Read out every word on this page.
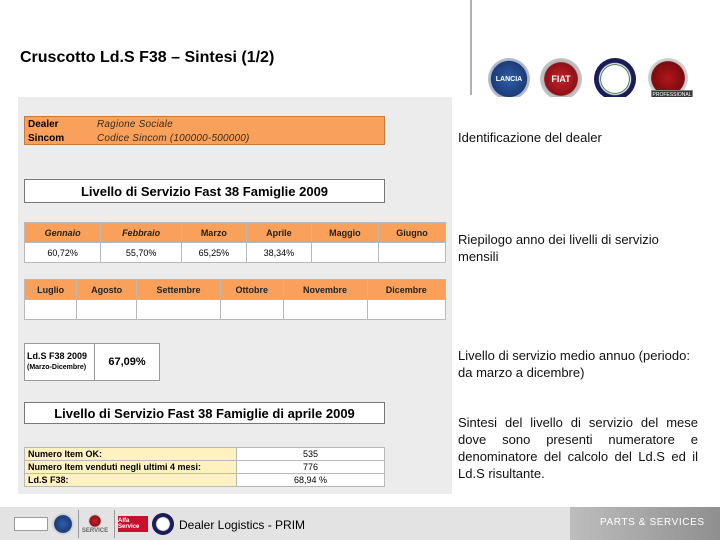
Cruscotto Ld.S F38 – Sintesi (1/2)
LANCIA	FIAT
PROFESSIONAL
Dealer	Ragione Sociale
Sincom	Codice Sincom (100000-500000)
Livello di Servizio Fast 38 Famiglie 2009
Gennaio	Febbraio	Marzo	Aprile	Maggio	Giugno
60,72%	55,70%	65,25%	38,34%		
Luglio	Agosto	Settembre	Ottobre	Novembre	Dicembre

Ld.S F38 2009
(Marzo-Dicembre)	67,09%
Livello di Servizio Fast 38 Famiglie di aprile 2009
Numero Item OK:	535
Numero Item venduti negli ultimi 4 mesi:	776
Ld.S F38:	68,94 %
Identificazione del dealer
Riepilogo anno dei livelli di servizio mensili
Livello di servizio medio annuo (periodo: da marzo a dicembre)
Sintesi del livello di servizio del mese dove sono presenti numeratore e denominatore del calcolo del Ld.S ed il Ld.S risultante.
SERVICE
Alfa Service	Dealer Logistics - PRIM	PARTS & SERVICES
